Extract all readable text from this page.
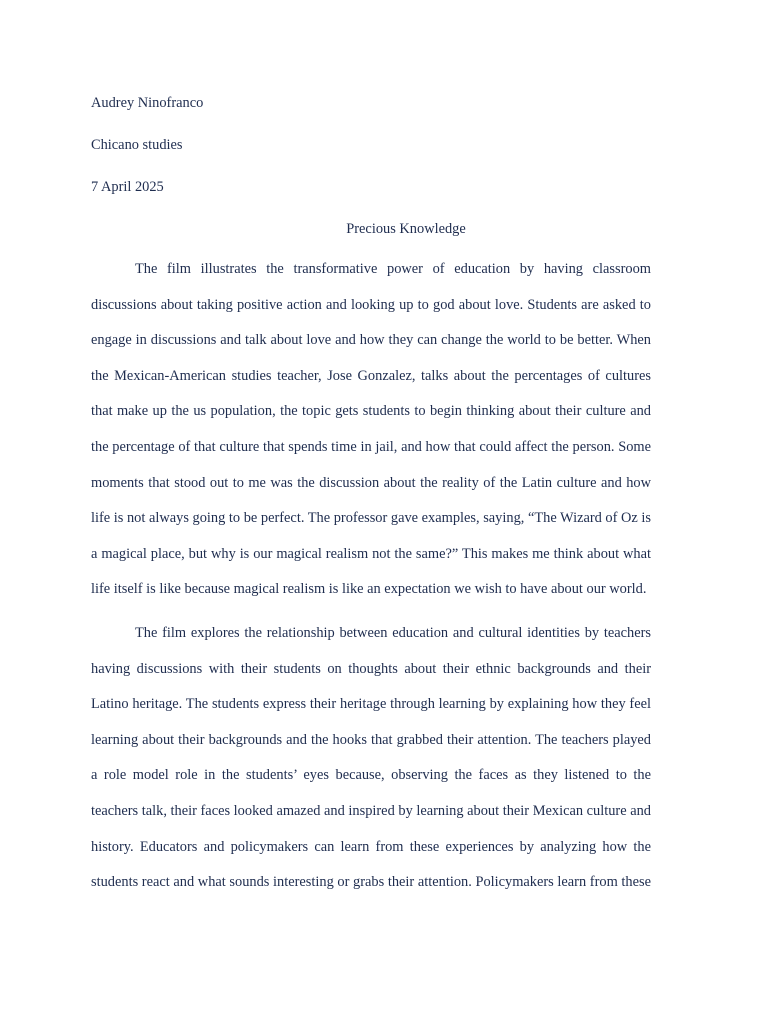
Audrey Ninofranco
Chicano studies
7 April 2025
Precious Knowledge
The film illustrates the transformative power of education by having classroom
discussions about taking positive action and looking up to god about love. Students are asked to
engage in discussions and talk about love and how they can change the world to be better. When
the Mexican-American studies teacher, Jose Gonzalez, talks about the percentages of cultures
that make up the us population, the topic gets students to begin thinking about their culture and
the percentage of that culture that spends time in jail, and how that could affect the person. Some
moments that stood out to me was the discussion about the reality of the Latin culture and how
life is not always going to be perfect. The professor gave examples, saying, “The Wizard of Oz is
a magical place, but why is our magical realism not the same?” This makes me think about what
life itself is like because magical realism is like an expectation we wish to have about our world.
The film explores the relationship between education and cultural identities by teachers
having discussions with their students on thoughts about their ethnic backgrounds and their
Latino heritage. The students express their heritage through learning by explaining how they feel
learning about their backgrounds and the hooks that grabbed their attention. The teachers played
a role model role in the students’ eyes because, observing the faces as they listened to the
teachers talk, their faces looked amazed and inspired by learning about their Mexican culture and
history. Educators and policymakers can learn from these experiences by analyzing how the
students react and what sounds interesting or grabs their attention. Policymakers learn from these
